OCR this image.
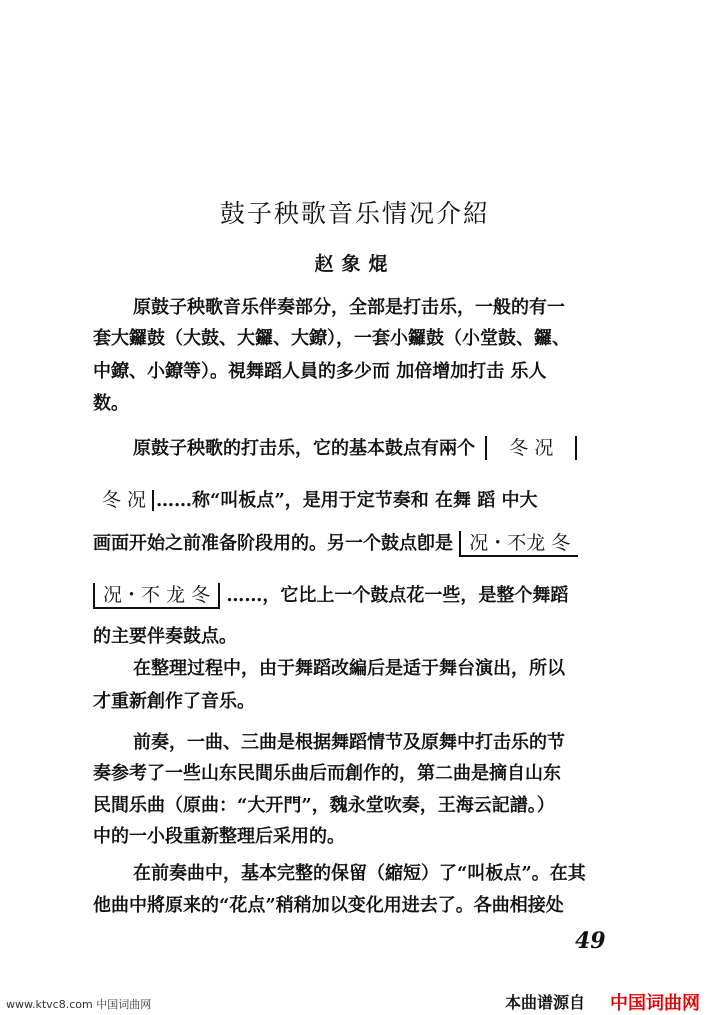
鼓子秧歌音乐情况介紹
赵象焜
原鼓子秧歌音乐伴奏部分，全部是打击乐，一般的有一
套大鑼鼓（大鼓、大鑼、大鐐），一套小鑼鼓（小堂鼓、鑼、
中鐐、小鐐等）。視舞蹈人員的多少而 加倍增加打击 乐人
数。
原鼓子秧歌的打击乐，它的基本鼓点有兩个 冬 况
冬 况 ……称“叫板点”，是用于定节奏和 在舞 蹈 中大
画面开始之前准备阶段用的。另一个鼓点卽是 况・不龙 冬
况・不 龙 冬 ……，它比上一个鼓点花一些，是整个舞蹈
的主要伴奏鼓点。
在整理过程中，由于舞蹈改編后是适于舞台演出，所以
才重新創作了音乐。
前奏，一曲、三曲是根据舞蹈情节及原舞中打击乐的节
奏参考了一些山东民間乐曲后而創作的，第二曲是摘自山东
民間乐曲（原曲：“大开門”，魏永堂吹奏，王海云記譜。）
中的一小段重新整理后采用的。
在前奏曲中，基本完整的保留（縮短）了“叫板点”。在其
他曲中將原来的“花点”稍稍加以变化用进去了。各曲相接处
49
www.ktvc8.com 中国词曲网	本曲谱源自 中国词曲网
